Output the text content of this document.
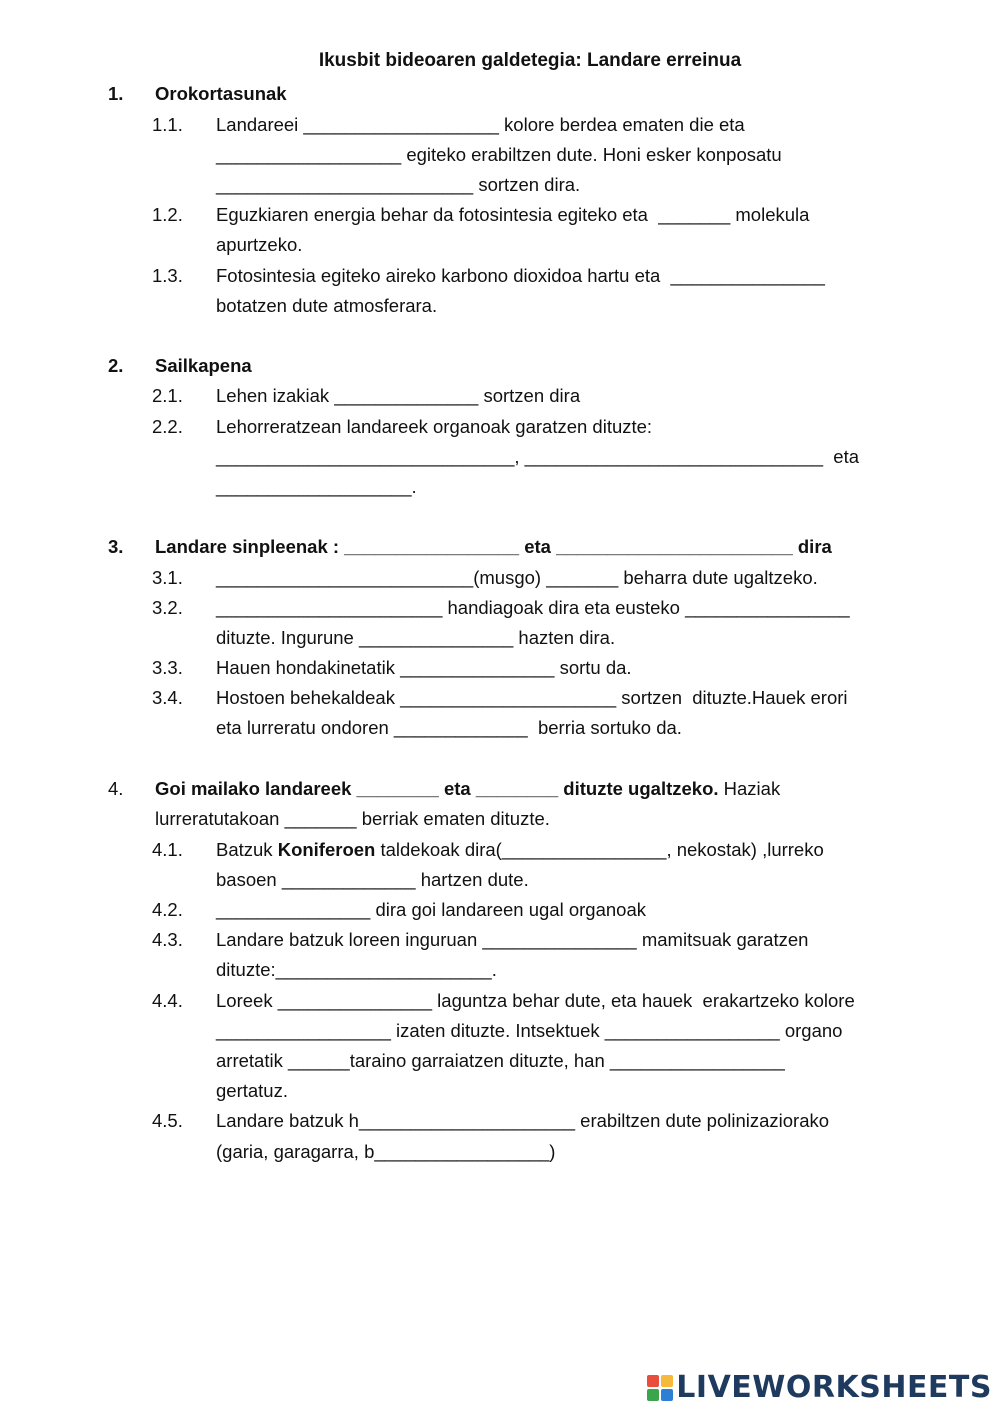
Ikusbit bideoaren galdetegia: Landare erreinua
1. Orokortasunak
1.1. Landareei ___________________ kolore berdea ematen die eta
__________________ egiteko erabiltzen dute. Honi esker konposatu
_________________________ sortzen dira.
1.2. Eguzkiaren energia behar da fotosintesia egiteko eta  _______ molekula
apurtzeko.
1.3. Fotosintesia egiteko aireko karbono dioxidoa hartu eta  _______________
botatzen dute atmosferara.
2. Sailkapena
2.1. Lehen izakiak ______________ sortzen dira
2.2. Lehorreratzean landareek organoak garatzen dituzte:
_____________________________, _____________________________  eta
___________________.
3. Landare sinpleenak : _________________ eta _______________________ dira
3.1. _________________________(musgo) _______ beharra dute ugaltzeko.
3.2. ______________________ handiagoak dira eta eusteko ________________
dituzte. Ingurune _______________ hazten dira.
3.3. Hauen hondakinetatik _______________ sortu da.
3.4. Hostoen behekaldeak _____________________ sortzen  dituzte.Hauek erori
eta lurreratu ondoren _____________  berria sortuko da.
4. Goi mailako landareek ________ eta ________ dituzte ugaltzeko. Haziak
lurreratutakoan _______ berriak ematen dituzte.
4.1. Batzuk Koniferoen taldekoak dira(________________, nekostak) ,lurreko
basoen _____________ hartzen dute.
4.2. _______________ dira goi landareen ugal organoak
4.3. Landare batzuk loreen inguruan _______________ mamitsuak garatzen
dituzte:_____________________.
4.4. Loreek _______________ laguntza behar dute, eta hauek  erakartzeko kolore
_________________ izaten dituzte. Intsektuek _________________ organo
arretatik ______taraino garraiatzen dituzte, han _________________
gertatuz.
4.5. Landare batzuk h_____________________ erabiltzen dute polinizaziorako
(garia, garagarra, b_________________)
LIVEWORKSHEETS
